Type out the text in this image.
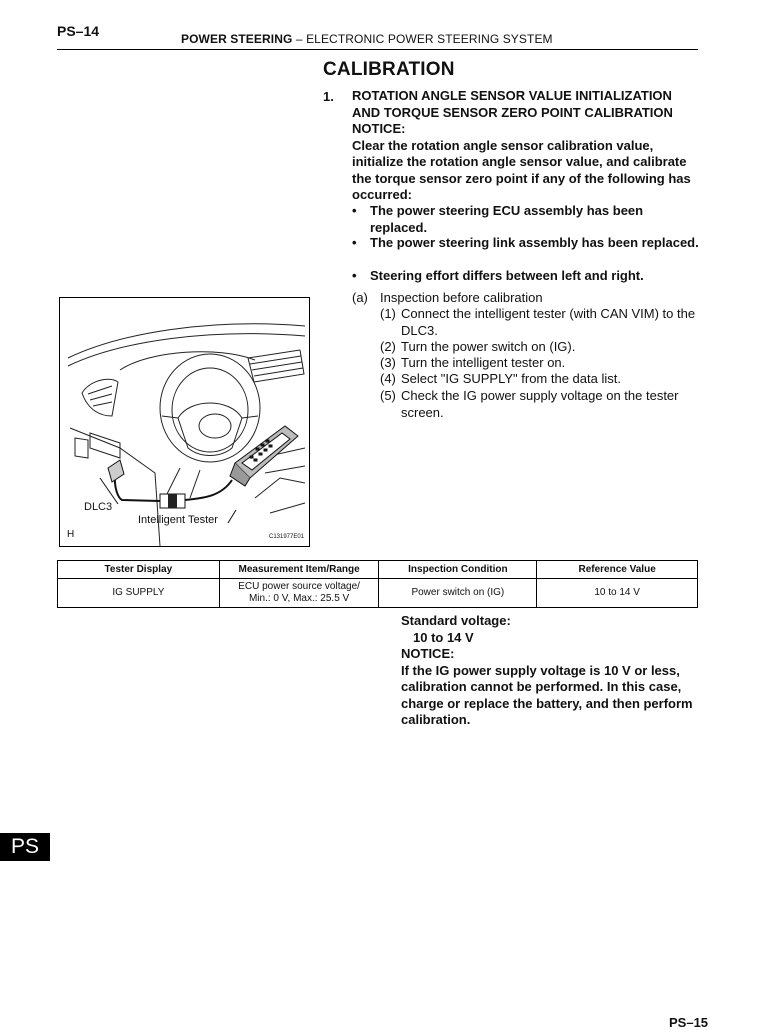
PS–14	POWER STEERING – ELECTRONIC POWER STEERING SYSTEM
CALIBRATION
1. ROTATION ANGLE SENSOR VALUE INITIALIZATION
AND TORQUE SENSOR ZERO POINT CALIBRATION
NOTICE:
Clear the rotation angle sensor calibration value, initialize the rotation angle sensor value, and calibrate the torque sensor zero point if any of the following has occurred:
• The power steering ECU assembly has been replaced.
• The power steering link assembly has been replaced.
• Steering effort differs between left and right.
(a) Inspection before calibration
(1) Connect the intelligent tester (with CAN VIM) to the DLC3.
(2) Turn the power switch on (IG).
(3) Turn the intelligent tester on.
(4) Select "IG SUPPLY" from the data list.
(5) Check the IG power supply voltage on the tester screen.
DLC3
Intelligent Tester
H	C131977E01
Tester Display	Measurement Item/Range	Inspection Condition	Reference Value
IG SUPPLY	ECU power source voltage/
Min.: 0 V, Max.: 25.5 V	Power switch on (IG)	10 to 14 V
Standard voltage:
10 to 14 V
NOTICE:
If the IG power supply voltage is 10 V or less, calibration cannot be performed. In this case, charge or replace the battery, and then perform calibration.
PS
PS–15
